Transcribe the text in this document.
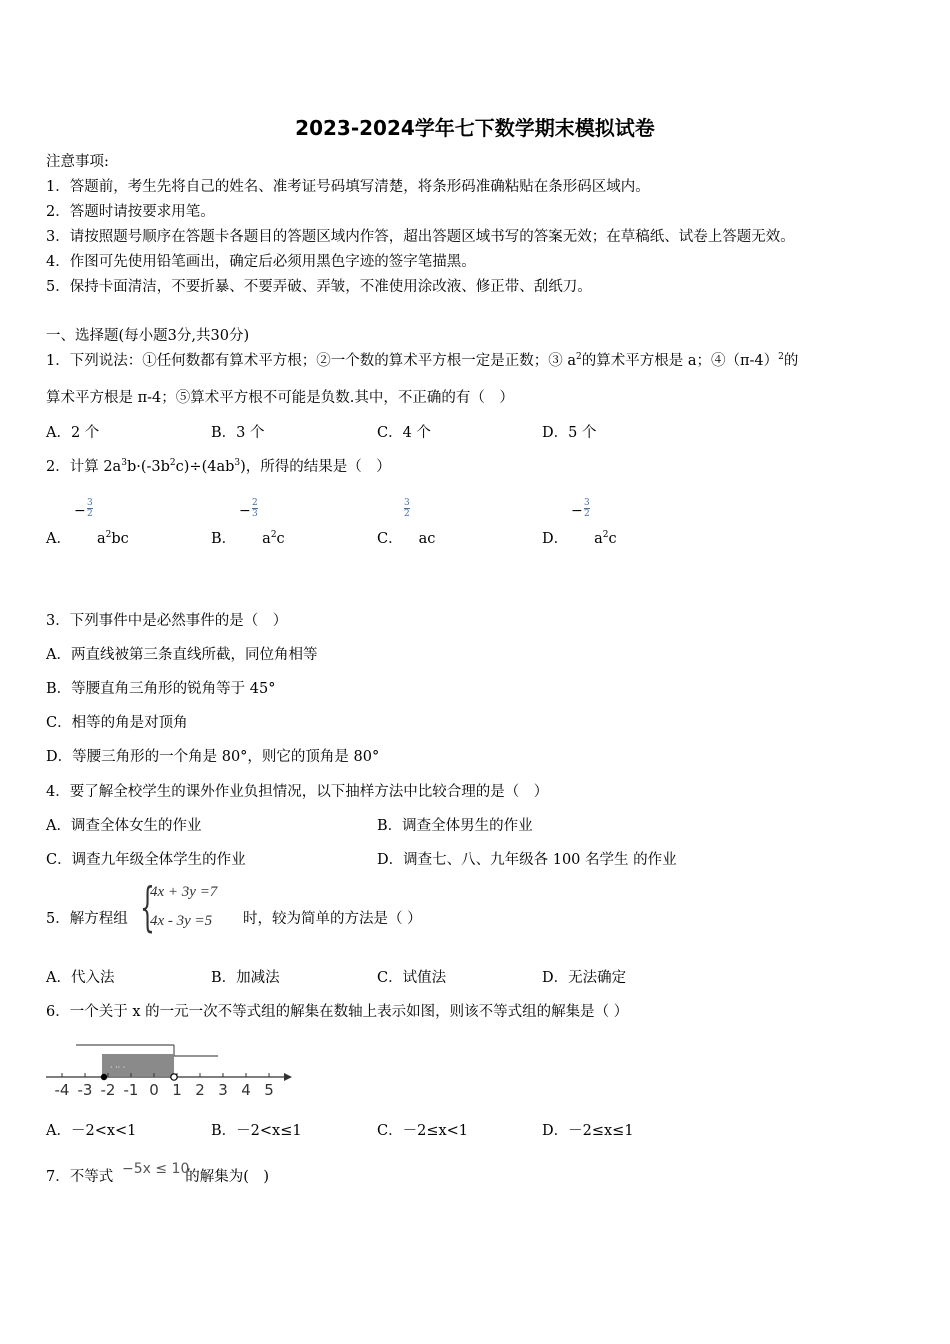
2023-2024学年七下数学期末模拟试卷
注意事项:
1．答题前，考生先将自己的姓名、准考证号码填写清楚，将条形码准确粘贴在条形码区域内。
2．答题时请按要求用笔。
3．请按照题号顺序在答题卡各题目的答题区域内作答，超出答题区域书写的答案无效；在草稿纸、试卷上答题无效。
4．作图可先使用铅笔画出，确定后必须用黑色字迹的签字笔描黑。
5．保持卡面清洁，不要折暴、不要弄破、弄皱，不准使用涂改液、修正带、刮纸刀。
一、选择题(每小题3分,共30分)
1．下列说法：①任何数都有算术平方根；②一个数的算术平方根一定是正数；③ $a^2$的算术平方根是 a；$④(\pi-4)^2$的
算术平方根是 π-4；⑤算术平方根不可能是负数.其中，不正确的有（　）
A．2 个	B．3 个	C．4 个	D．5 个
2．计算 $2a^3b\cdot(-3b^2c)\div(4ab^3)$，所得的结果是（　）
− $\frac{3}{2}$
A． $a^2bc$
− $\frac{2}{3}$
B． $a^2c$
$\frac{3}{2}$
C． ac
− $\frac{3}{2}$
D． $a^2c$
3．下列事件中是必然事件的是（　）
A．两直线被第三条直线所截，同位角相等
B．等腰直角三角形的锐角等于 45°
C．相等的角是对顶角
D．等腰三角形的一个角是 80°，则它的顶角是 80°
4．要了解全校学生的课外作业负担情况，以下抽样方法中比较合理的是（　）
A．调查全体女生的作业	B．调查全体男生的作业
C．调查九年级全体学生的作业	D．调查七、八、九年级各 100 名学生 的作业
5．解方程组 {
4x + 3y =7
4x - 3y =5 时，较为简单的方法是（ ）
A．代入法	B．加减法	C．试值法	D．无法确定
6．一个关于 x 的一元一次不等式组的解集在数轴上表示如图，则该不等式组的解集是（ ）
· ·· ·
-4 -3 -2 -1 0 1 2 3 4 5
A．－2<x<1	B．－2<x≤1	C．－2≤x<1	D．－2≤x≤1
7．不等式	的解集为(　)
−5x ≤ 10
